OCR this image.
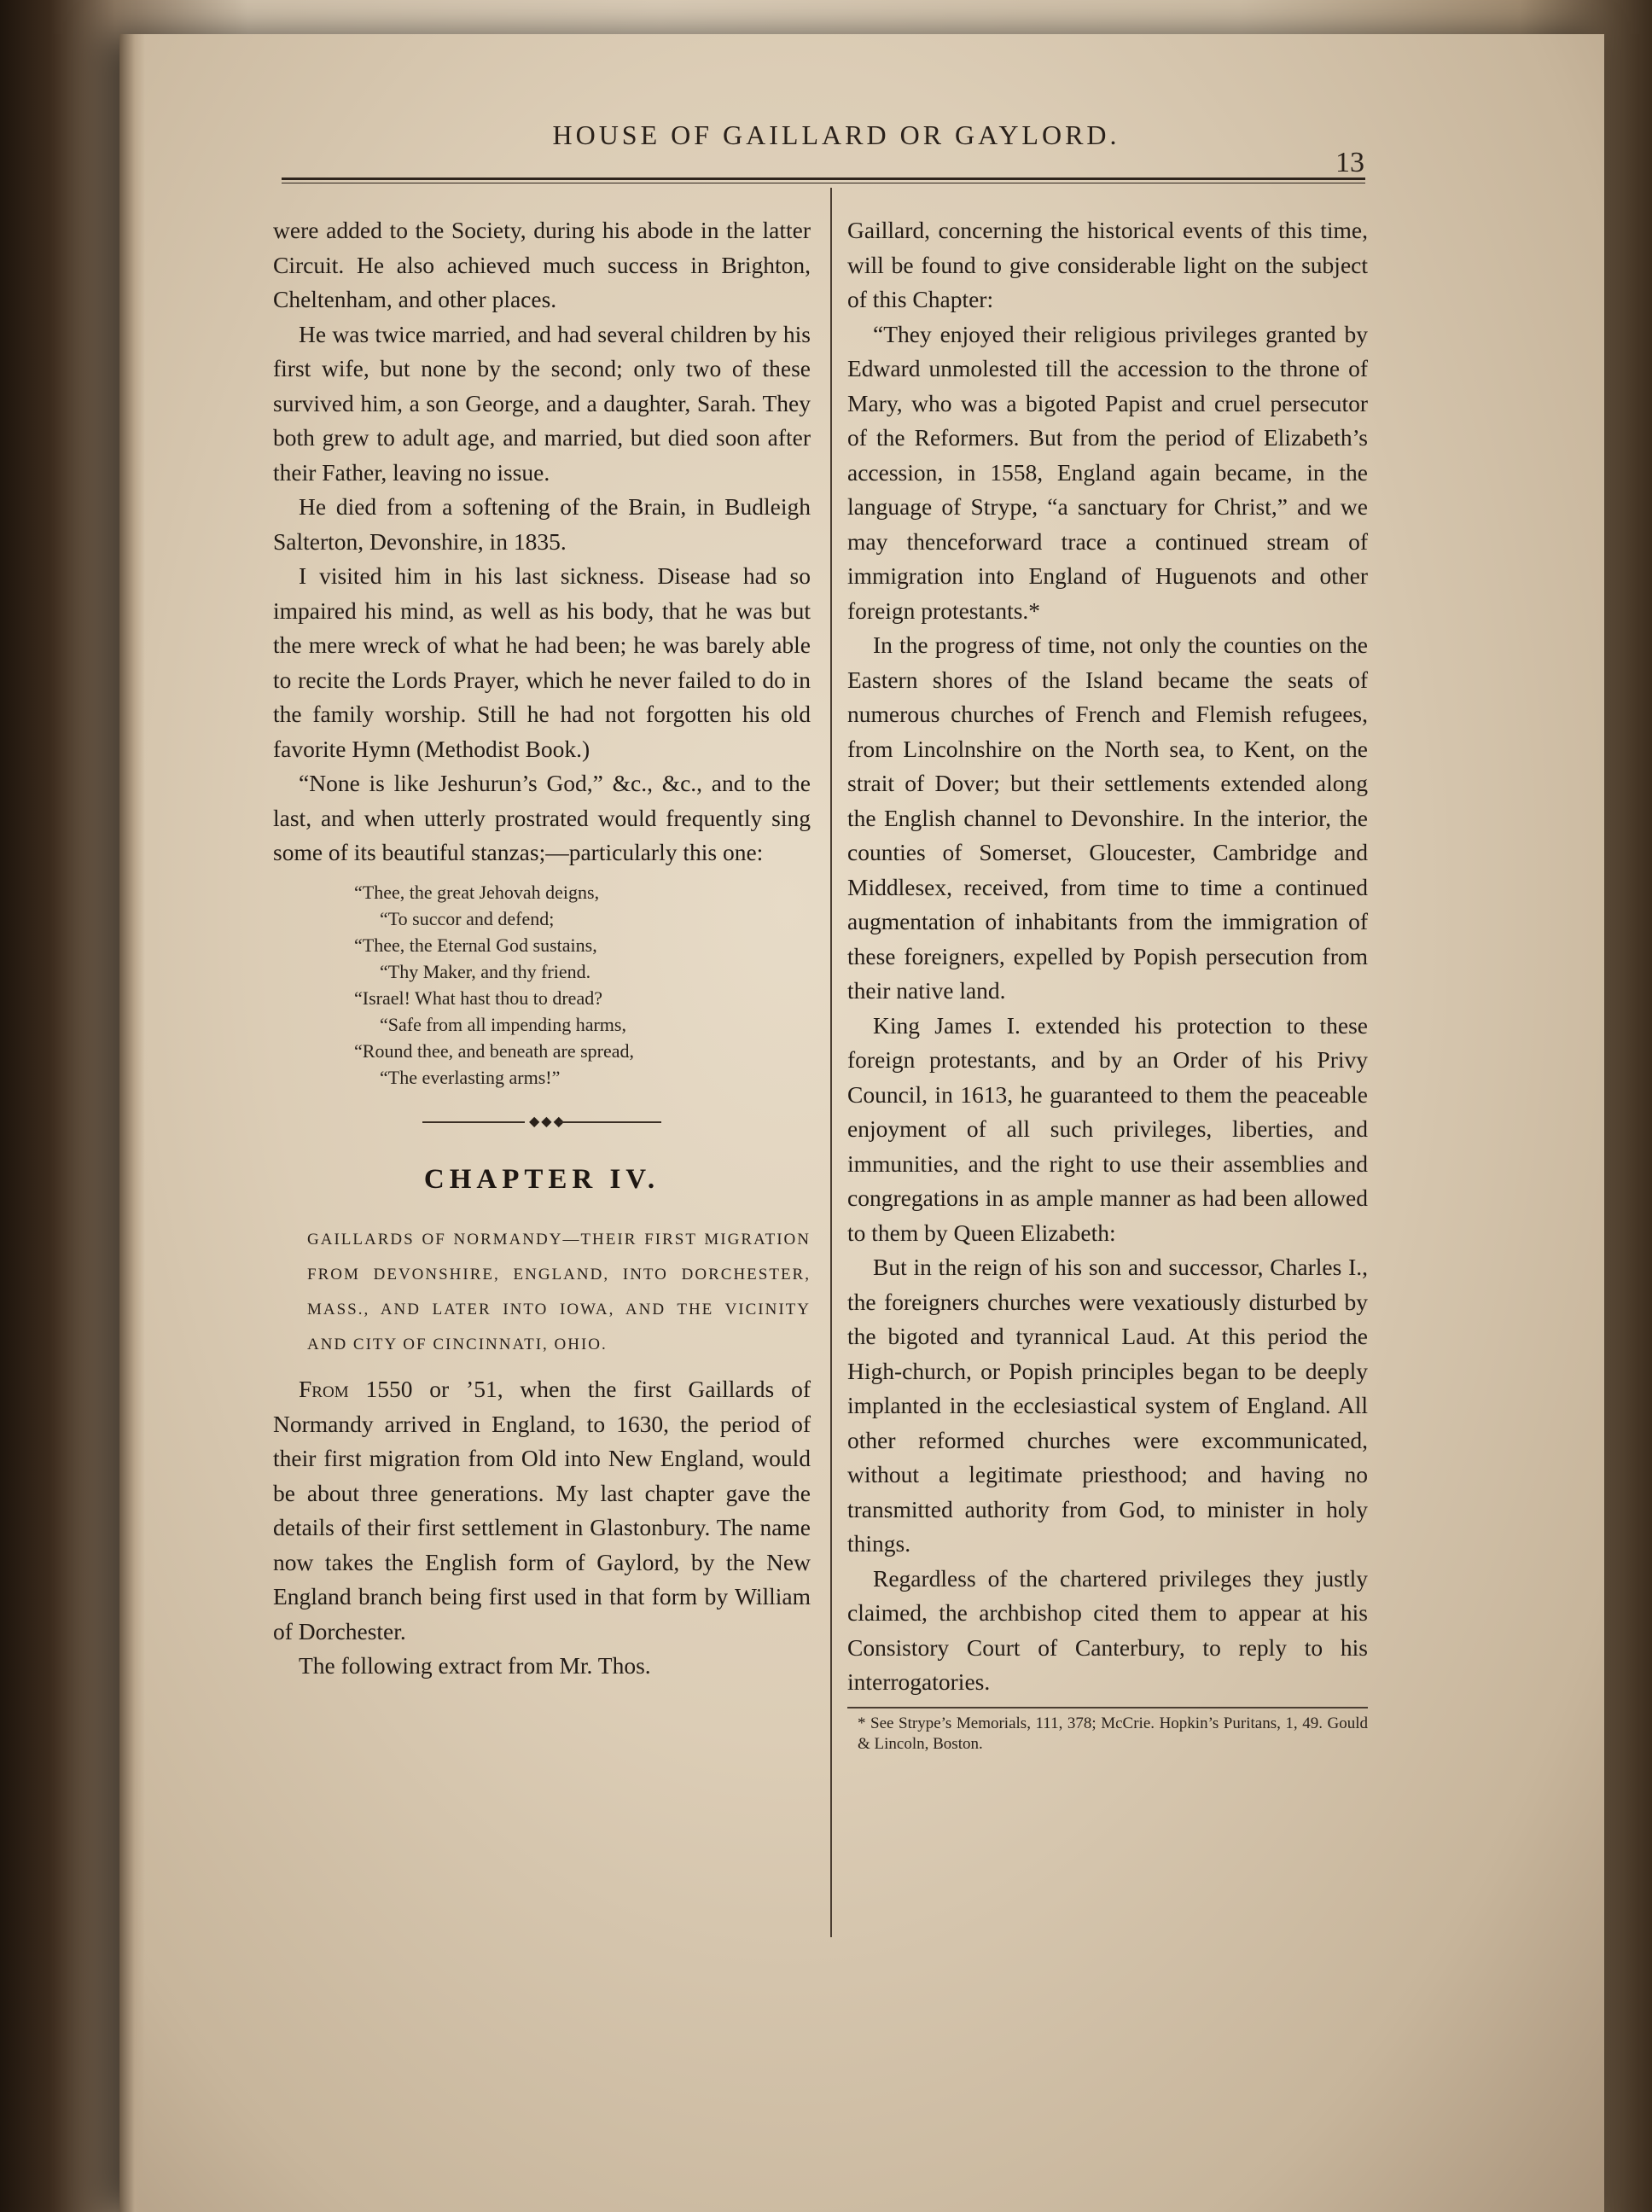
HOUSE OF GAILLARD OR GAYLORD.
13

were added to the Society, during his abode in the latter Circuit. He also achieved much success in Brighton, Cheltenham, and other places.

He was twice married, and had several children by his first wife, but none by the second; only two of these survived him, a son George, and a daughter, Sarah. They both grew to adult age, and married, but died soon after their Father, leaving no issue.

He died from a softening of the Brain, in Budleigh Salterton, Devonshire, in 1835.

I visited him in his last sickness. Disease had so impaired his mind, as well as his body, that he was but the mere wreck of what he had been; he was barely able to recite the Lords Prayer, which he never failed to do in the family worship. Still he had not forgotten his old favorite Hymn (Methodist Book.)

“None is like Jeshurun’s God,” &c., &c., and to the last, and when utterly prostrated would frequently sing some of its beautiful stanzas;—particularly this one:

“Thee, the great Jehovah deigns,
“To succor and defend;
“Thee, the Eternal God sustains,
“Thy Maker, and thy friend.
“Israel! What hast thou to dread?
“Safe from all impending harms,
“Round thee, and beneath are spread,
“The everlasting arms!”
◆◆◆
CHAPTER IV.
GAILLARDS OF NORMANDY—THEIR FIRST MIGRATION FROM DEVONSHIRE, ENGLAND, INTO DORCHESTER, MASS., AND LATER INTO IOWA, AND THE VICINITY AND CITY OF CINCINNATI, OHIO.

From 1550 or ’51, when the first Gaillards of Normandy arrived in England, to 1630, the period of their first migration from Old into New England, would be about three generations. My last chapter gave the details of their first settlement in Glastonbury. The name now takes the English form of Gaylord, by the New England branch being first used in that form by William of Dorchester.

The following extract from Mr. Thos.

Gaillard, concerning the historical events of this time, will be found to give considerable light on the subject of this Chapter:

“They enjoyed their religious privileges granted by Edward unmolested till the accession to the throne of Mary, who was a bigoted Papist and cruel persecutor of the Reformers. But from the period of Elizabeth’s accession, in 1558, England again became, in the language of Strype, “a sanctuary for Christ,” and we may thenceforward trace a continued stream of immigration into England of Huguenots and other foreign protestants.*

In the progress of time, not only the counties on the Eastern shores of the Island became the seats of numerous churches of French and Flemish refugees, from Lincolnshire on the North sea, to Kent, on the strait of Dover; but their settlements extended along the English channel to Devonshire. In the interior, the counties of Somerset, Gloucester, Cambridge and Middlesex, received, from time to time a continued augmentation of inhabitants from the immigration of these foreigners, expelled by Popish persecution from their native land.

King James I. extended his protection to these foreign protestants, and by an Order of his Privy Council, in 1613, he guaranteed to them the peaceable enjoyment of all such privileges, liberties, and immunities, and the right to use their assemblies and congregations in as ample manner as had been allowed to them by Queen Elizabeth:

But in the reign of his son and successor, Charles I., the foreigners churches were vexatiously disturbed by the bigoted and tyrannical Laud. At this period the High-church, or Popish principles began to be deeply implanted in the ecclesiastical system of England. All other reformed churches were excommunicated, without a legitimate priesthood; and having no transmitted authority from God, to minister in holy things.

Regardless of the chartered privileges they justly claimed, the archbishop cited them to appear at his Consistory Court of Canterbury, to reply to his interrogatories.

* See Strype’s Memorials, 111, 378; McCrie. Hopkin’s Puritans, 1, 49. Gould & Lincoln, Boston.
